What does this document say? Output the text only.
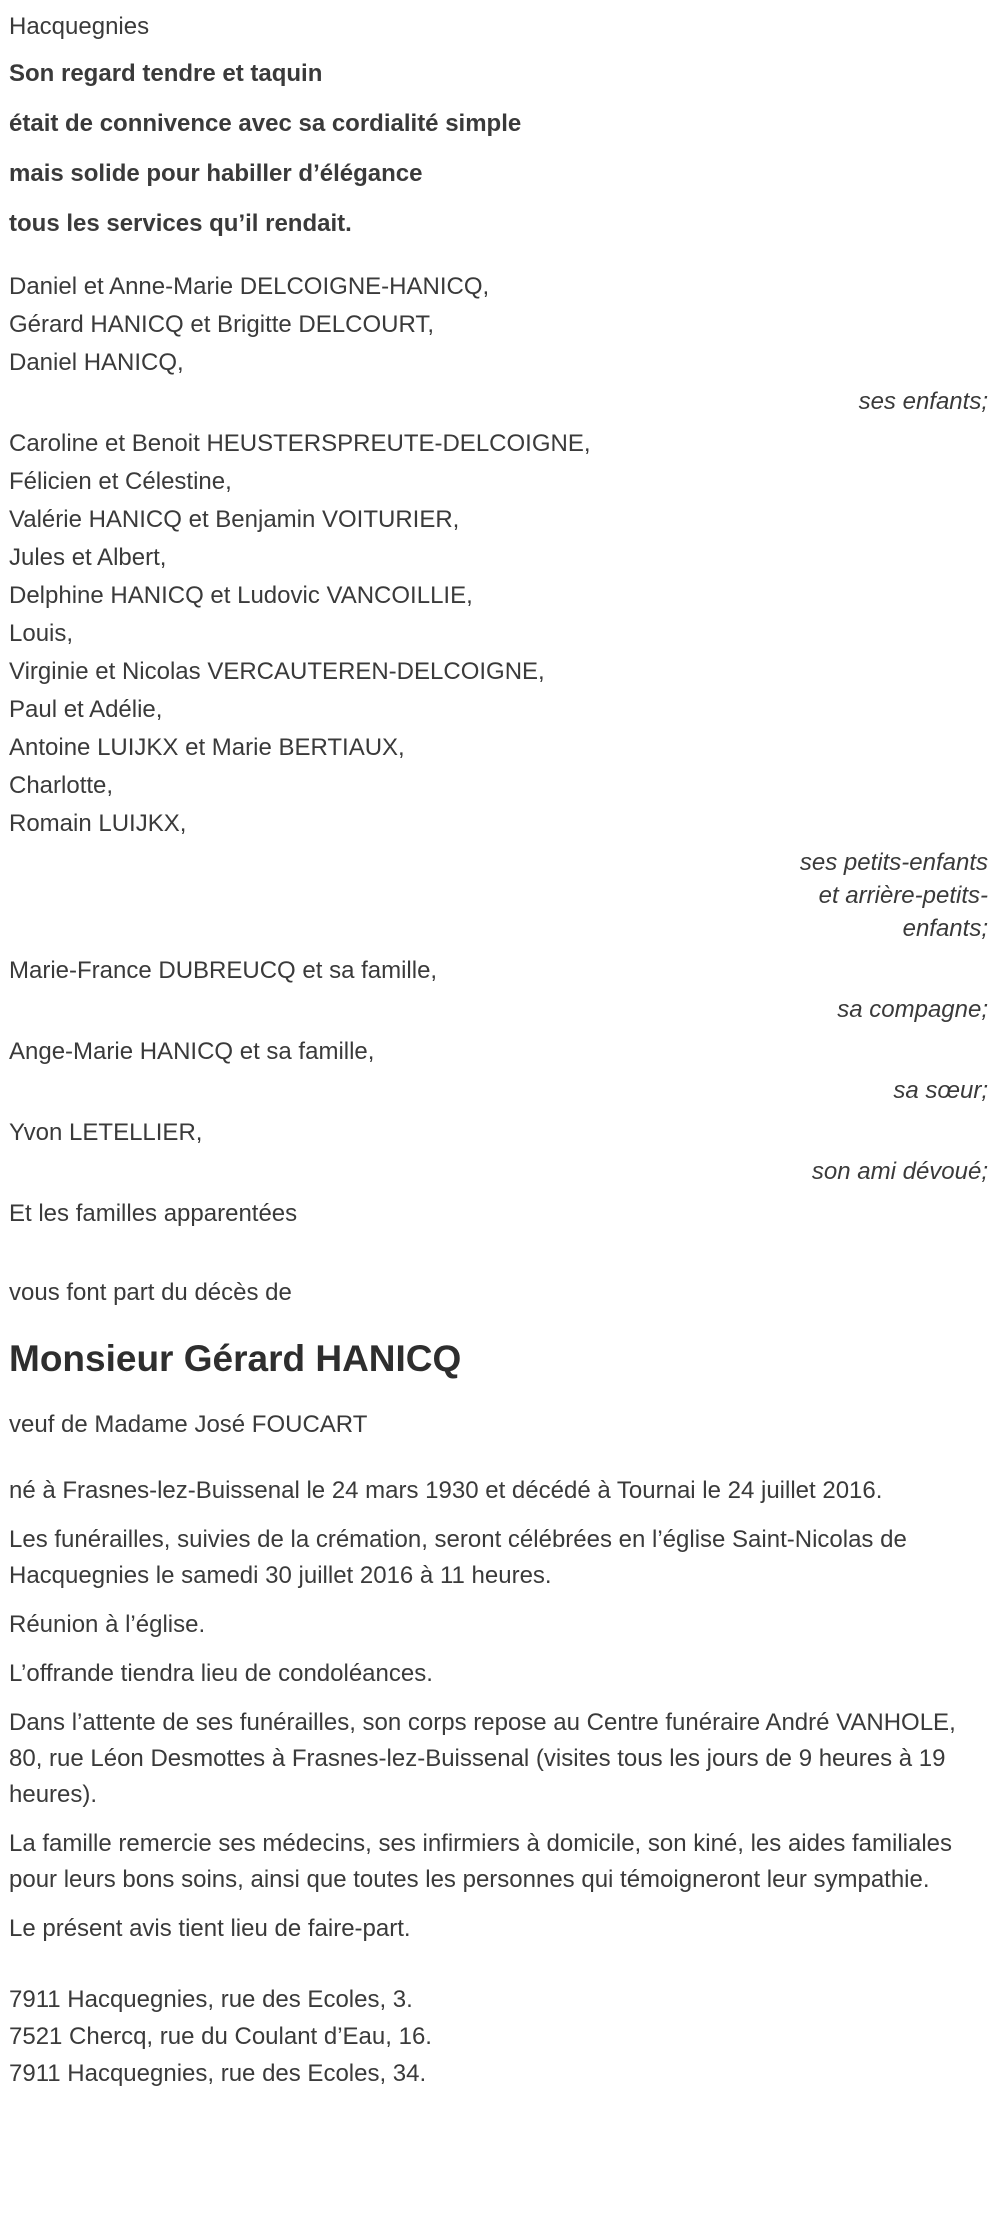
Hacquegnies

Son regard tendre et taquin

était de connivence avec sa cordialité simple

mais solide pour habiller d’élégance

tous les services qu’il rendait.

Daniel et Anne-Marie DELCOIGNE-HANICQ,
Gérard HANICQ et Brigitte DELCOURT,
Daniel HANICQ,
ses enfants;
Caroline et Benoit HEUSTERSPREUTE-DELCOIGNE,
Félicien et Célestine,
Valérie HANICQ et Benjamin VOITURIER,
Jules et Albert,
Delphine HANICQ et Ludovic VANCOILLIE,
Louis,
Virginie et Nicolas VERCAUTEREN-DELCOIGNE,
Paul et Adélie,
Antoine LUIJKX et Marie BERTIAUX,
Charlotte,
Romain LUIJKX,
ses petits-enfants
et arrière-petits-
enfants;
Marie-France DUBREUCQ et sa famille,
sa compagne;
Ange-Marie HANICQ et sa famille,
sa sœur;
Yvon LETELLIER,
son ami dévoué;
Et les familles apparentées
vous font part du décès de
Monsieur Gérard HANICQ
veuf de Madame José FOUCART

né à Frasnes-lez-Buissenal le 24 mars 1930 et décédé à Tournai le 24 juillet 2016.

Les funérailles, suivies de la crémation, seront célébrées en l’église Saint-Nicolas de Hacquegnies le samedi 30 juillet 2016 à 11 heures.

Réunion à l’église.

L’offrande tiendra lieu de condoléances.

Dans l’attente de ses funérailles, son corps repose au Centre funéraire André VANHOLE, 80, rue Léon Desmottes à Frasnes-lez-Buissenal (visites tous les jours de 9 heures à 19 heures).

La famille remercie ses médecins, ses infirmiers à domicile, son kiné, les aides familiales pour leurs bons soins, ainsi que toutes les personnes qui témoigneront leur sympathie.

Le présent avis tient lieu de faire-part.

7911 Hacquegnies, rue des Ecoles, 3.
7521 Chercq, rue du Coulant d’Eau, 16.
7911 Hacquegnies, rue des Ecoles, 34.
